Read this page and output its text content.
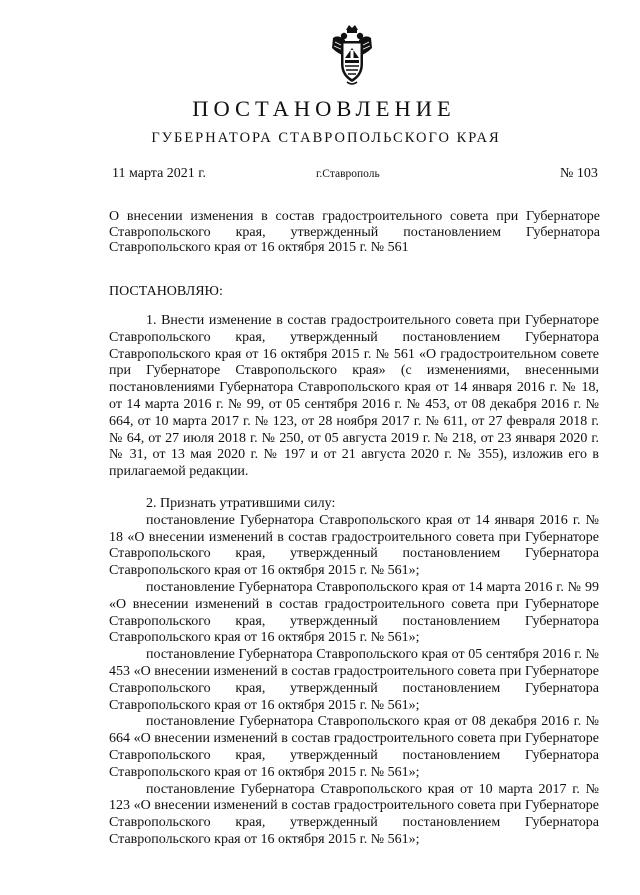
ПОСТАНОВЛЕНИЕ
ГУБЕРНАТОРА СТАВРОПОЛЬСКОГО КРАЯ
11 марта 2021 г.	г.Ставрополь	№ 103
О внесении изменения в состав градостроительного совета при Губернаторе Ставропольского края, утвержденный постановлением Губернатора Ставропольского края от 16 октября 2015 г. № 561
ПОСТАНОВЛЯЮ:

1. Внести изменение в состав градостроительного совета при Губернаторе Ставропольского края, утвержденный постановлением Губернатора Ставропольского края от 16 октября 2015 г. № 561 «О градостроительном совете при Губернаторе Ставропольского края» (с изменениями, внесенными постановлениями Губернатора Ставропольского края от 14 января 2016 г. № 18, от 14 марта 2016 г. № 99, от 05 сентября 2016 г. № 453, от 08 декабря 2016 г. № 664, от 10 марта 2017 г. № 123, от 28 ноября 2017 г. № 611, от 27 февраля 2018 г. № 64, от 27 июля 2018 г. № 250, от 05 августа 2019 г. № 218, от 23 января 2020 г. № 31, от 13 мая 2020 г. № 197 и от 21 августа 2020 г. № 355), изложив его в прилагаемой редакции.

2. Признать утратившими силу:

постановление Губернатора Ставропольского края от 14 января 2016 г. № 18 «О внесении изменений в состав градостроительного совета при Губернаторе Ставропольского края, утвержденный постановлением Губернатора Ставропольского края от 16 октября 2015 г. № 561»;

постановление Губернатора Ставропольского края от 14 марта 2016 г. № 99 «О внесении изменений в состав градостроительного совета при Губернаторе Ставропольского края, утвержденный постановлением Губернатора Ставропольского края от 16 октября 2015 г. № 561»;

постановление Губернатора Ставропольского края от 05 сентября 2016 г. № 453 «О внесении изменений в состав градостроительного совета при Губернаторе Ставропольского края, утвержденный постановлением Губернатора Ставропольского края от 16 октября 2015 г. № 561»;

постановление Губернатора Ставропольского края от 08 декабря 2016 г. № 664 «О внесении изменений в состав градостроительного совета при Губернаторе Ставропольского края, утвержденный постановлением Губернатора Ставропольского края от 16 октября 2015 г. № 561»;

постановление Губернатора Ставропольского края от 10 марта 2017 г. № 123 «О внесении изменений в состав градостроительного совета при Губернаторе Ставропольского края, утвержденный постановлением Губернатора Ставропольского края от 16 октября 2015 г. № 561»;
